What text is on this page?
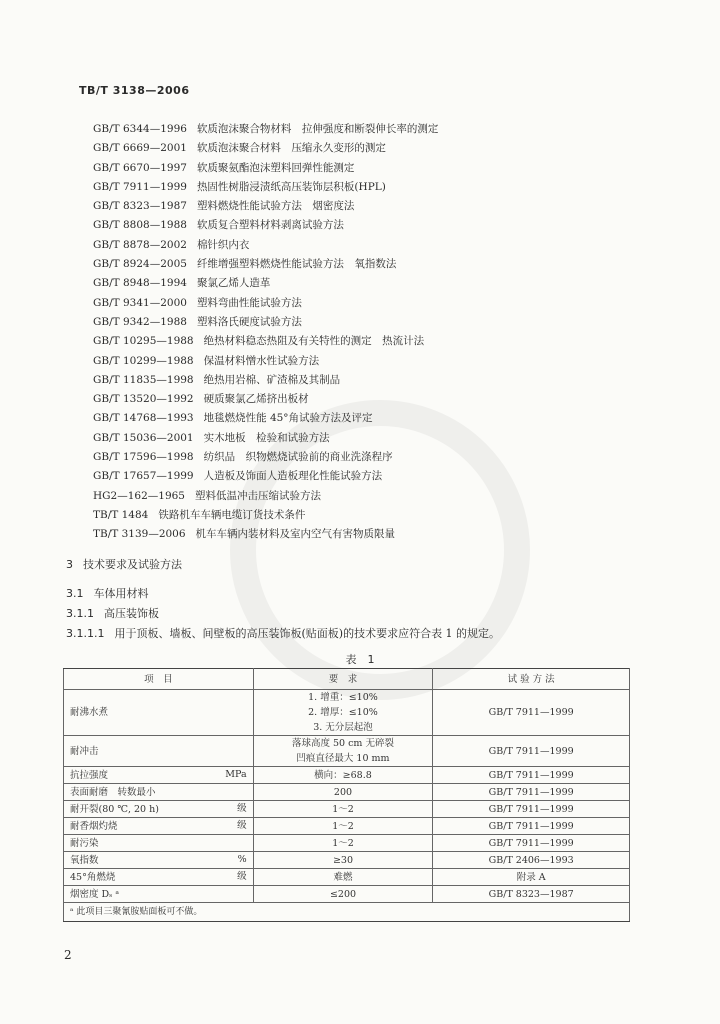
TB/T 3138—2006
GB/T 6344—1996 软质泡沫聚合物材料　拉伸强度和断裂伸长率的测定
GB/T 6669—2001 软质泡沫聚合材料　压缩永久变形的测定
GB/T 6670—1997 软质聚氨酯泡沫塑料回弹性能测定
GB/T 7911—1999 热固性树脂浸渍纸高压装饰层积板(HPL)
GB/T 8323—1987 塑料燃烧性能试验方法　烟密度法
GB/T 8808—1988 软质复合塑料材料剥离试验方法
GB/T 8878—2002 棉针织内衣
GB/T 8924—2005 纤维增强塑料燃烧性能试验方法　氧指数法
GB/T 8948—1994 聚氯乙烯人造革
GB/T 9341—2000 塑料弯曲性能试验方法
GB/T 9342—1988 塑料洛氏硬度试验方法
GB/T 10295—1988 绝热材料稳态热阻及有关特性的测定　热流计法
GB/T 10299—1988 保温材料憎水性试验方法
GB/T 11835—1998 绝热用岩棉、矿渣棉及其制品
GB/T 13520—1992 硬质聚氯乙烯挤出板材
GB/T 14768—1993 地毯燃烧性能 45°角试验方法及评定
GB/T 15036—2001 实木地板　检验和试验方法
GB/T 17596—1998 纺织品　织物燃烧试验前的商业洗涤程序
GB/T 17657—1999 人造板及饰面人造板理化性能试验方法
HG2—162—1965 塑料低温冲击压缩试验方法
TB/T 1484 铁路机车车辆电缆订货技术条件
TB/T 3139—2006 机车车辆内装材料及室内空气有害物质限量
3 技术要求及试验方法
3.1 车体用材料
3.1.1 高压装饰板
3.1.1.1 用于顶板、墙板、间壁板的高压装饰板(贴面板)的技术要求应符合表 1 的规定。
表　1
项　目	要　求	试 验 方 法
耐沸水煮	1. 增重：≤10%
2. 增厚：≤10%
3. 无分层起泡	GB/T 7911—1999
耐冲击	落球高度 50 cm 无碎裂
凹痕直径最大 10 mm	GB/T 7911—1999
抗拉强度 MPa	横向：≥68.8	GB/T 7911—1999
表面耐磨　转数最小	200	GB/T 7911—1999
耐开裂(80 ℃, 20 h) 级	1～2	GB/T 7911—1999
耐香烟灼烧 级	1～2	GB/T 7911—1999
耐污染	1～2	GB/T 7911—1999
氧指数 %	≥30	GB/T 2406—1993
45°角燃烧 级	难燃	附录 A
烟密度 Dₛ ᵃ	≤200	GB/T 8323—1987
ᵃ 此项目三聚氰胺贴面板可不做。		
2
